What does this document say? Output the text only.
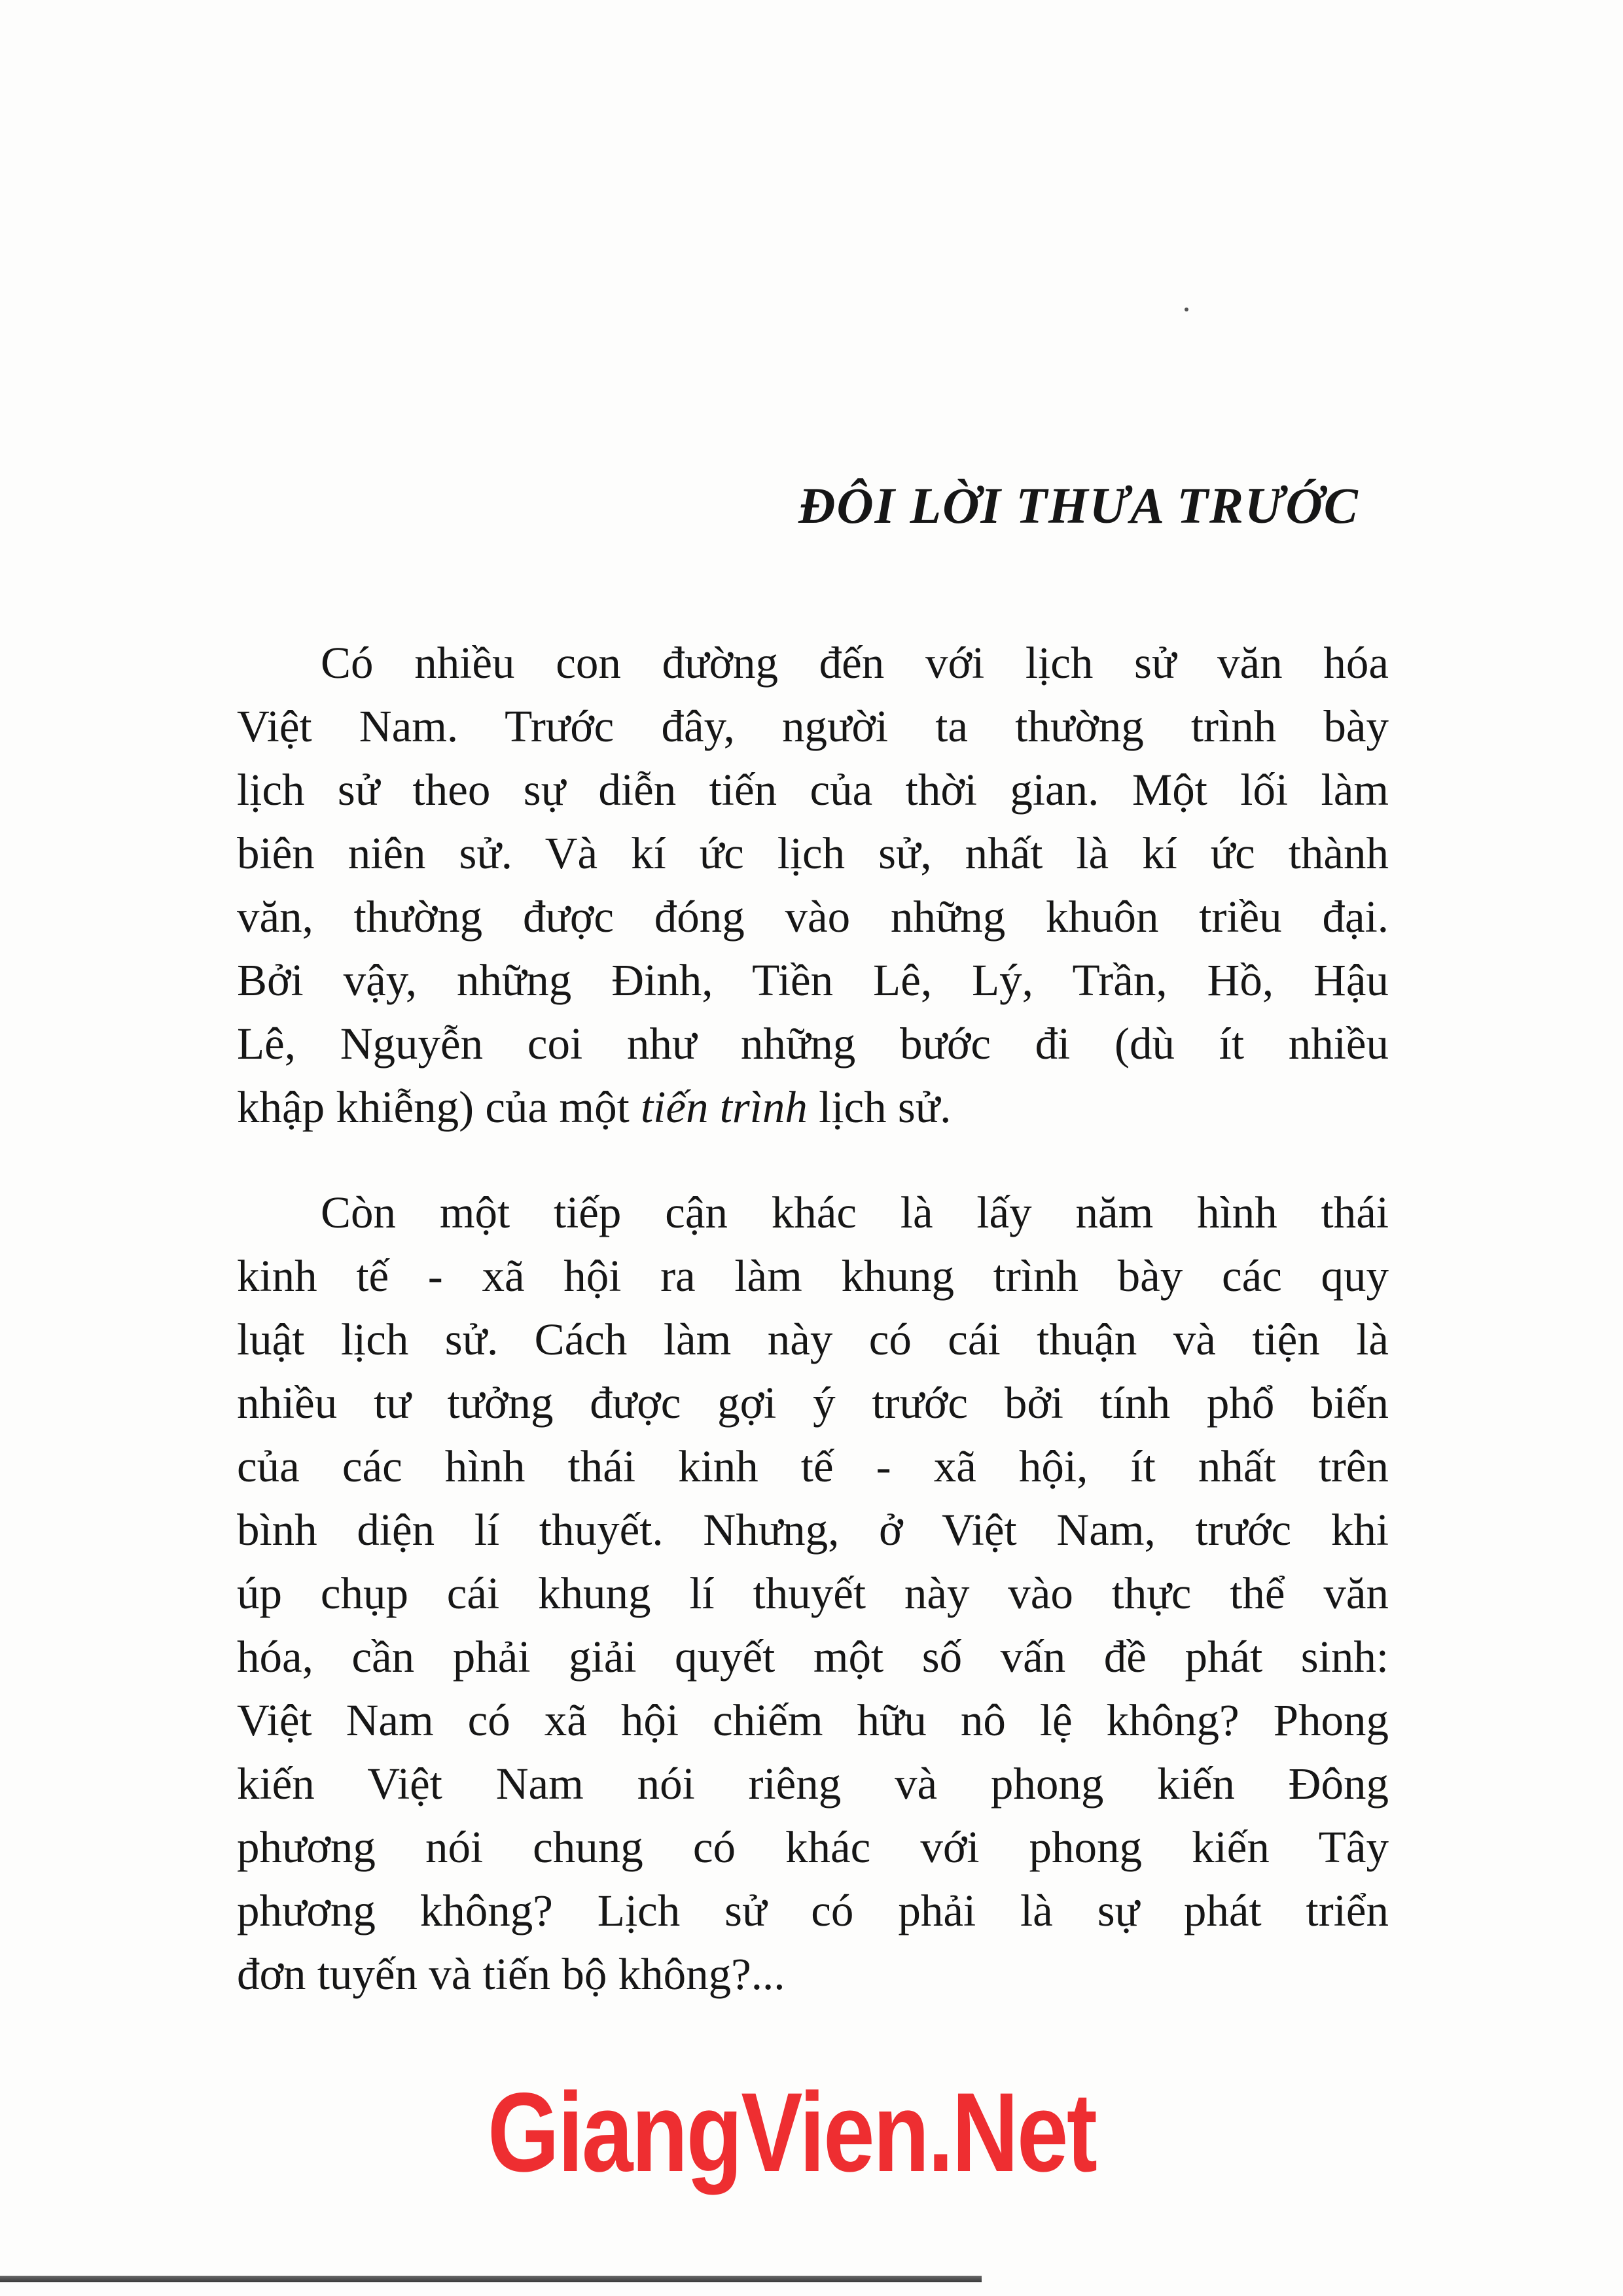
ĐÔI LỜI THƯA TRƯỚC
Có nhiều con đường đến với lịch sử văn hóa
Việt Nam. Trước đây, người ta thường trình bày
lịch sử theo sự diễn tiến của thời gian. Một lối làm
biên niên sử. Và kí ức lịch sử, nhất là kí ức thành
văn, thường được đóng vào những khuôn triều đại.
Bởi vậy, những Đinh, Tiền Lê, Lý, Trần, Hồ, Hậu
Lê, Nguyễn coi như những bước đi (dù ít nhiều
khập khiễng) của một tiến trình lịch sử.
Còn một tiếp cận khác là lấy năm hình thái
kinh tế - xã hội ra làm khung trình bày các quy
luật lịch sử. Cách làm này có cái thuận và tiện là
nhiều tư tưởng được gợi ý trước bởi tính phổ biến
của các hình thái kinh tế - xã hội, ít nhất trên
bình diện lí thuyết. Nhưng, ở Việt Nam, trước khi
úp chụp cái khung lí thuyết này vào thực thể văn
hóa, cần phải giải quyết một số vấn đề phát sinh:
Việt Nam có xã hội chiếm hữu nô lệ không? Phong
kiến Việt Nam nói riêng và phong kiến Đông
phương nói chung có khác với phong kiến Tây
phương không? Lịch sử có phải là sự phát triển
đơn tuyến và tiến bộ không?...
GiangVien.Net
